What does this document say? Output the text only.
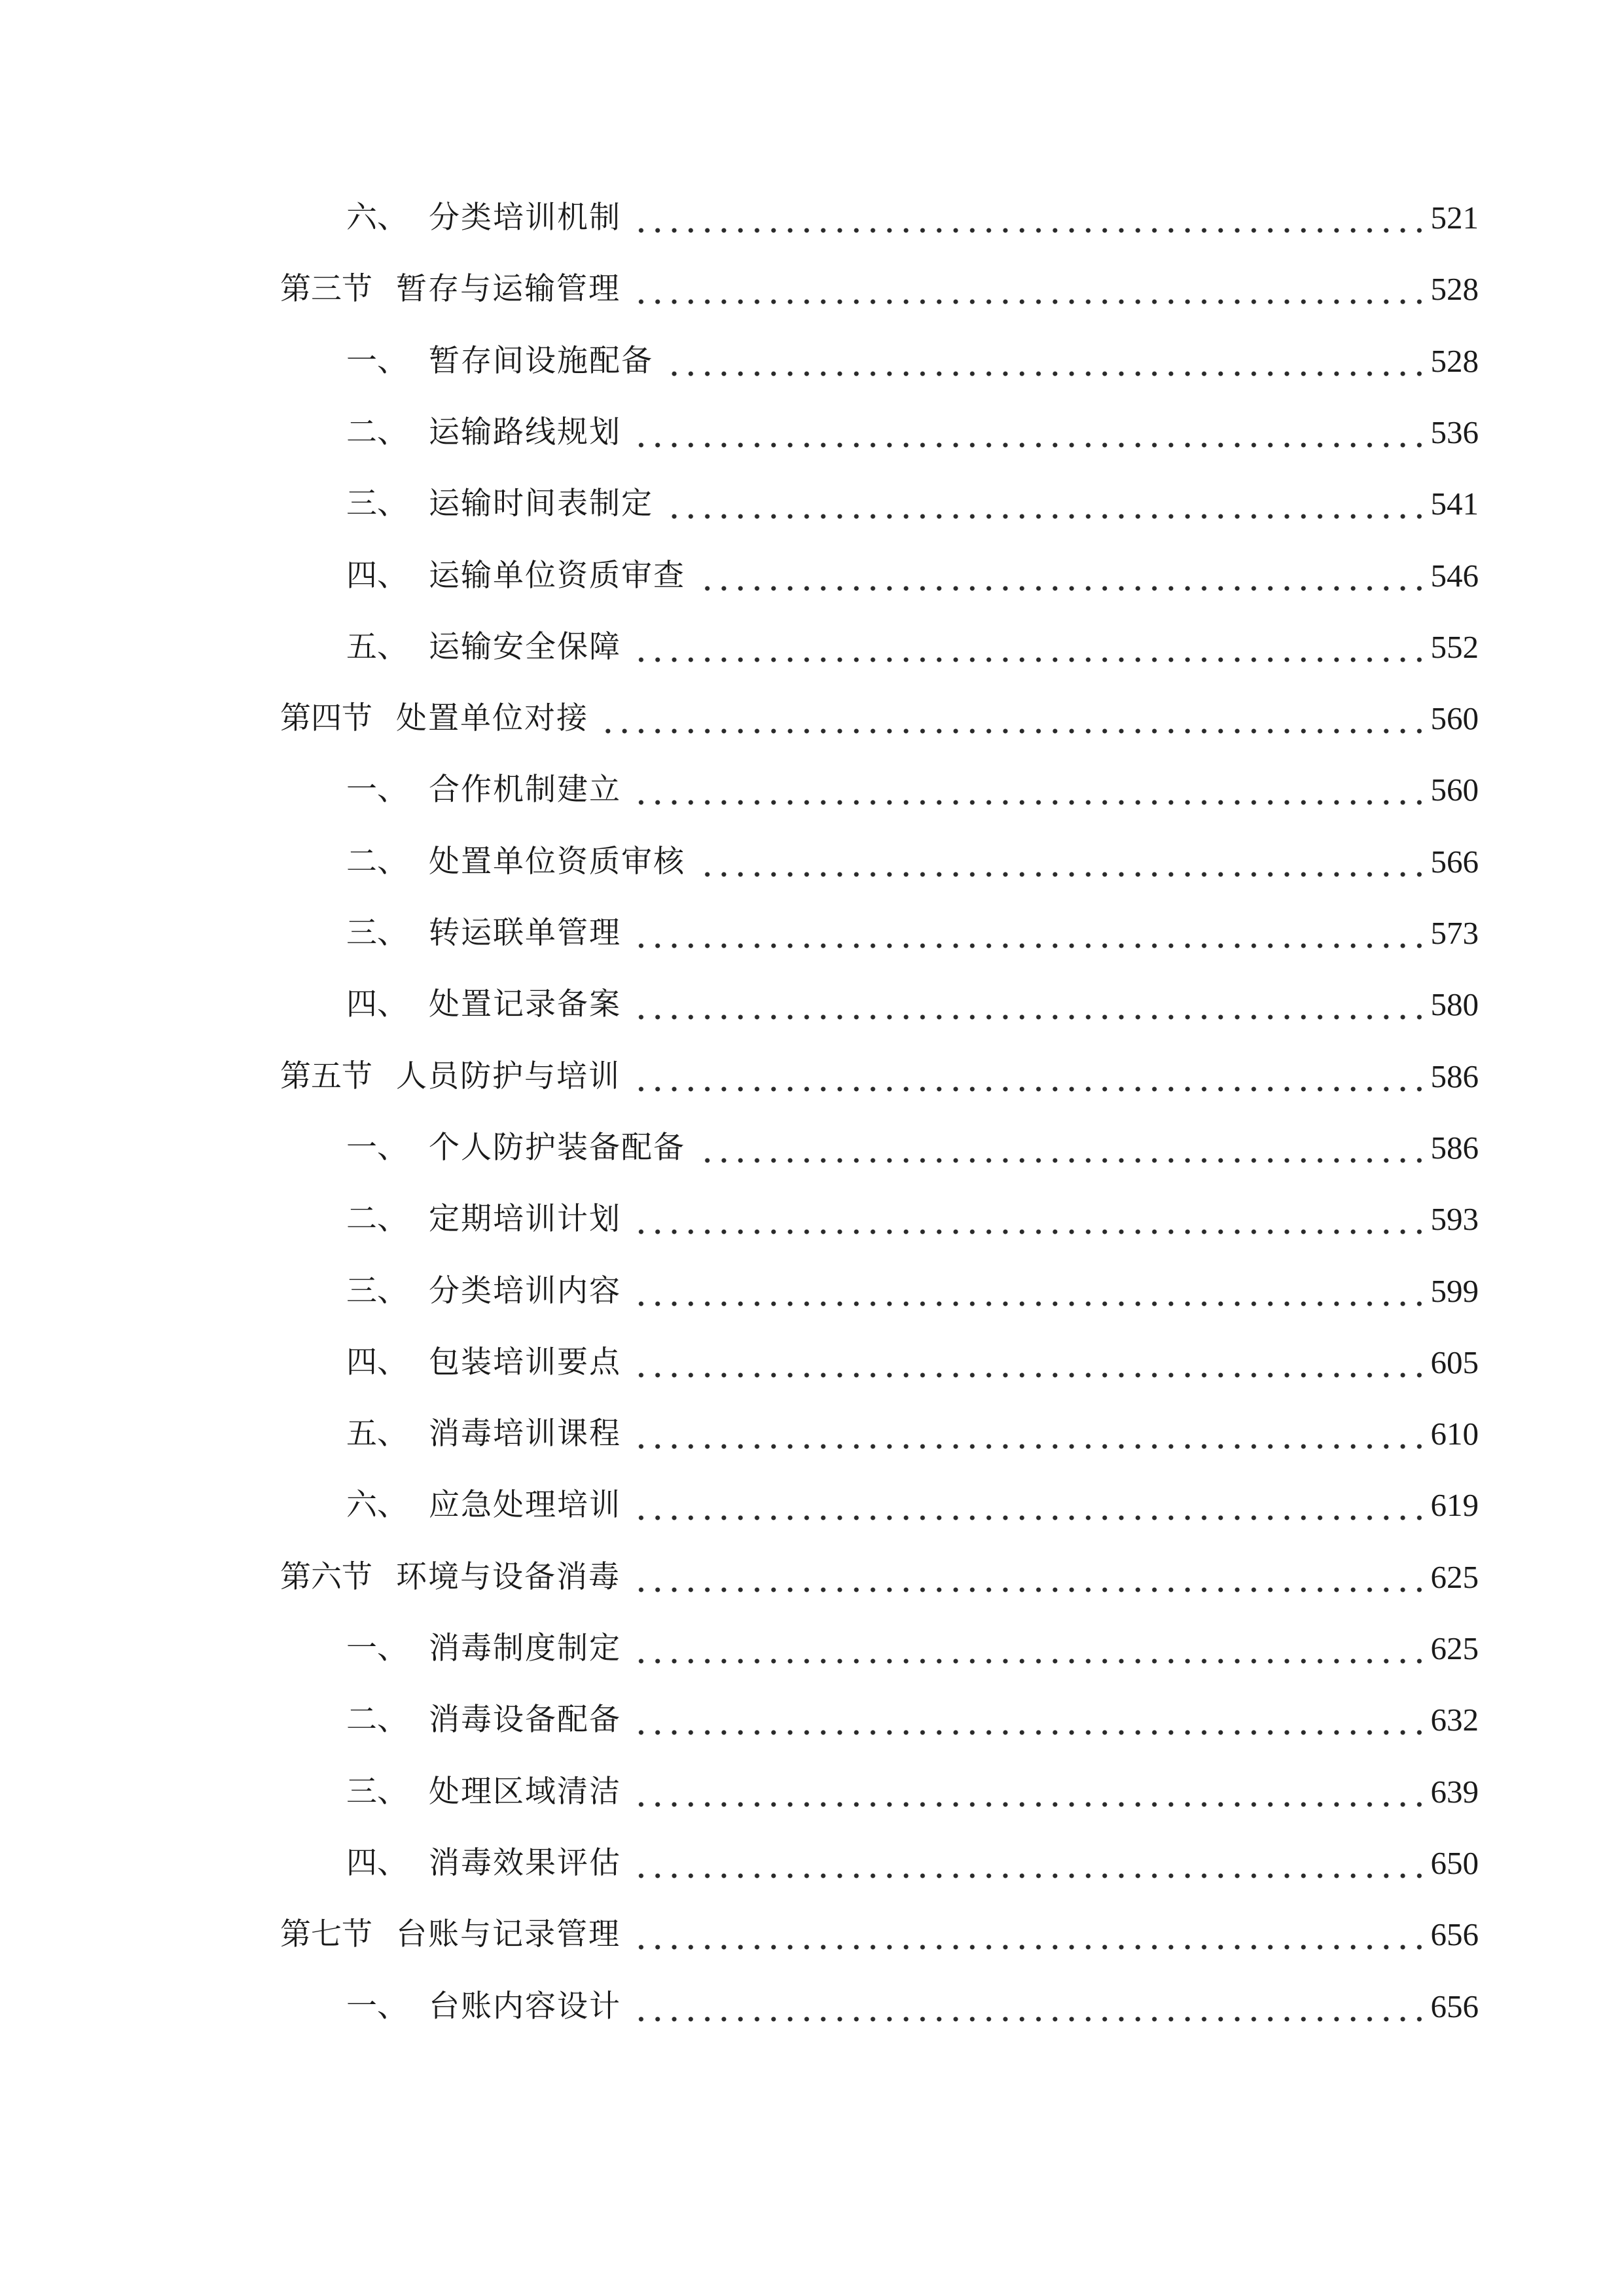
六、 分类培训机制	521
第三节 暂存与运输管理	528
一、 暂存间设施配备	528
二、 运输路线规划	536
三、 运输时间表制定	541
四、 运输单位资质审查	546
五、 运输安全保障	552
第四节 处置单位对接	560
一、 合作机制建立	560
二、 处置单位资质审核	566
三、 转运联单管理	573
四、 处置记录备案	580
第五节 人员防护与培训	586
一、 个人防护装备配备	586
二、 定期培训计划	593
三、 分类培训内容	599
四、 包装培训要点	605
五、 消毒培训课程	610
六、 应急处理培训	619
第六节 环境与设备消毒	625
一、 消毒制度制定	625
二、 消毒设备配备	632
三、 处理区域清洁	639
四、 消毒效果评估	650
第七节 台账与记录管理	656
一、 台账内容设计	656
